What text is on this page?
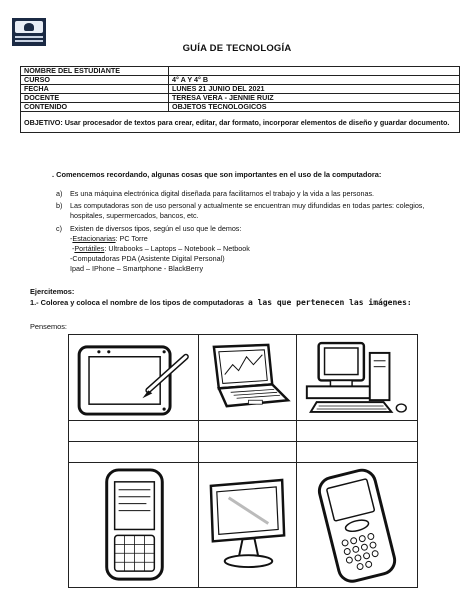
GUÍA DE TECNOLOGÍA
NOMBRE DEL ESTUDIANTE	
CURSO	4° A Y 4° B
FECHA	LUNES 21 JUNIO DEL 2021
DOCENTE	TERESA VERA - JENNIE RUIZ
CONTENIDO	OBJETOS TECNOLOGICOS
OBJETIVO: Usar procesador de textos para crear, editar, dar formato, incorporar elementos de diseño y guardar documento.	
. Comencemos recordando, algunas cosas que son importantes en el uso de la computadora:
a)	Es una máquina electrónica digital diseñada para facilitarnos el trabajo y la vida a las personas.
b)	Las computadoras son de uso personal y actualmente se encuentran muy difundidas en todas partes: colegios, hospitales, supermercados, bancos, etc.
c)	Existen de diversos tipos, según el uso que le demos:
-Estacionarias: PC Torre
-Portátiles: Ultrabooks – Laptops – Notebook – Netbook
-Computadoras PDA (Asistente Digital Personal)
Ipad – IPhone – Smartphone - BlackBerry
Ejercitemos:
1.- Colorea y coloca el nombre de los tipos de computadoras a las que pertenecen las imágenes:
Pensemos:
